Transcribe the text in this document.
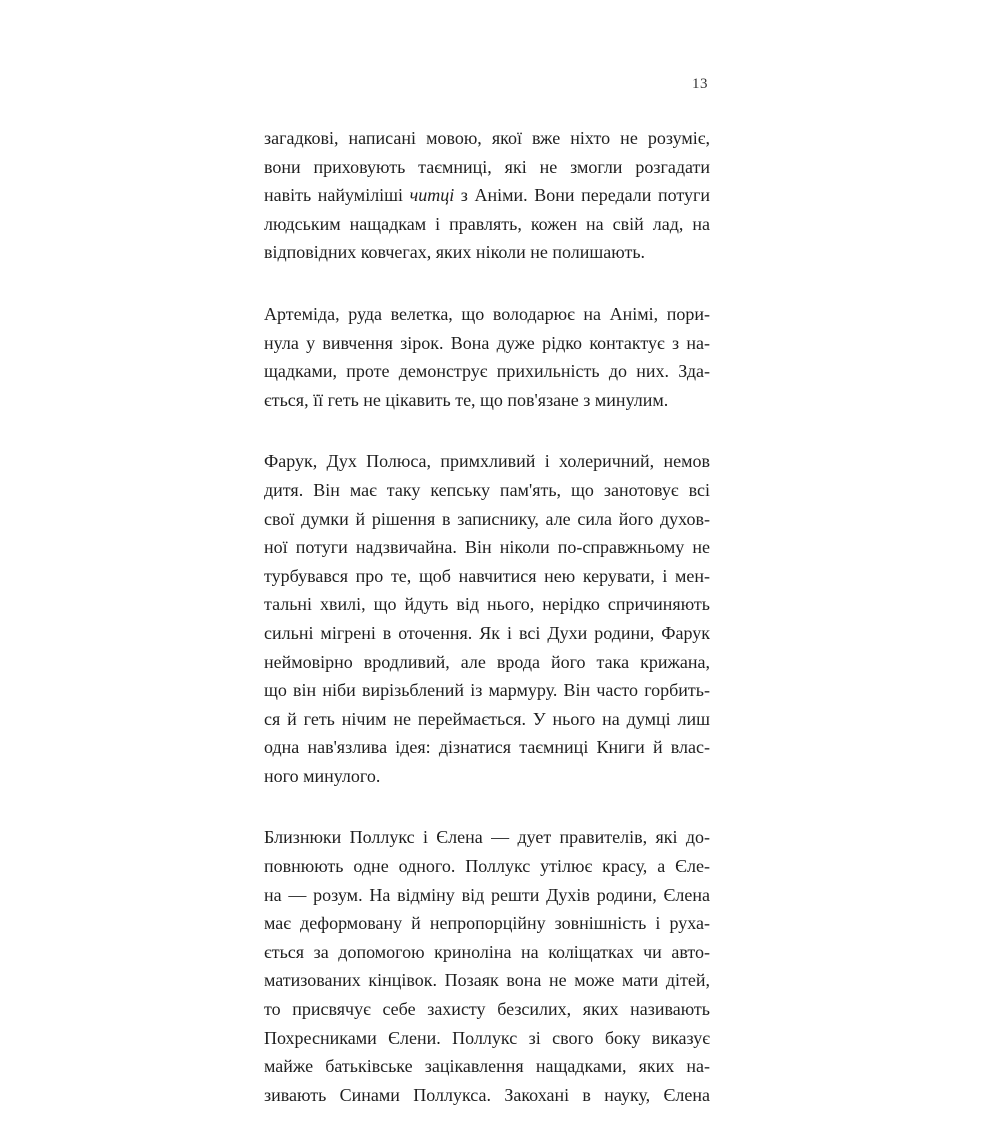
13
загадкові, написані мовою, якої вже ніхто не розуміє,
вони приховують таємниці, які не змогли розгадати
навіть найуміліші читці з Аніми. Вони передали потуги
людським нащадкам і правлять, кожен на свій лад, на
відповідних ковчегах, яких ніколи не полишають.
Артеміда, руда велетка, що володарює на Анімі, пори-
нула у вивчення зірок. Вона дуже рідко контактує з на-
щадками, проте демонструє прихильність до них. Зда-
ється, її геть не цікавить те, що пов'язане з минулим.
Фарук, Дух Полюса, примхливий і холеричний, немов
дитя. Він має таку кепську пам'ять, що занотовує всі
свої думки й рішення в записнику, але сила його духов-
ної потуги надзвичайна. Він ніколи по-справжньому не
турбувався про те, щоб навчитися нею керувати, і мен-
тальні хвилі, що йдуть від нього, нерідко спричиняють
сильні мігрені в оточення. Як і всі Духи родини, Фарук
неймовірно вродливий, але врода його така крижана,
що він ніби вирізьблений із мармуру. Він часто горбить-
ся й геть нічим не переймається. У нього на думці лиш
одна нав'язлива ідея: дізнатися таємниці Книги й влас-
ного минулого.
Близнюки Поллукс і Єлена — дует правителів, які до-
повнюють одне одного. Поллукс утілює красу, а Єле-
на — розум. На відміну від решти Духів родини, Єлена
має деформовану й непропорційну зовнішність і руха-
ється за допомогою криноліна на коліщатках чи авто-
матизованих кінцівок. Позаяк вона не може мати дітей,
то присвячує себе захисту безсилих, яких називають
Похресниками Єлени. Поллукс зі свого боку виказує
майже батьківське зацікавлення нащадками, яких на-
зивають Синами Поллукса. Закохані в науку, Єлена
